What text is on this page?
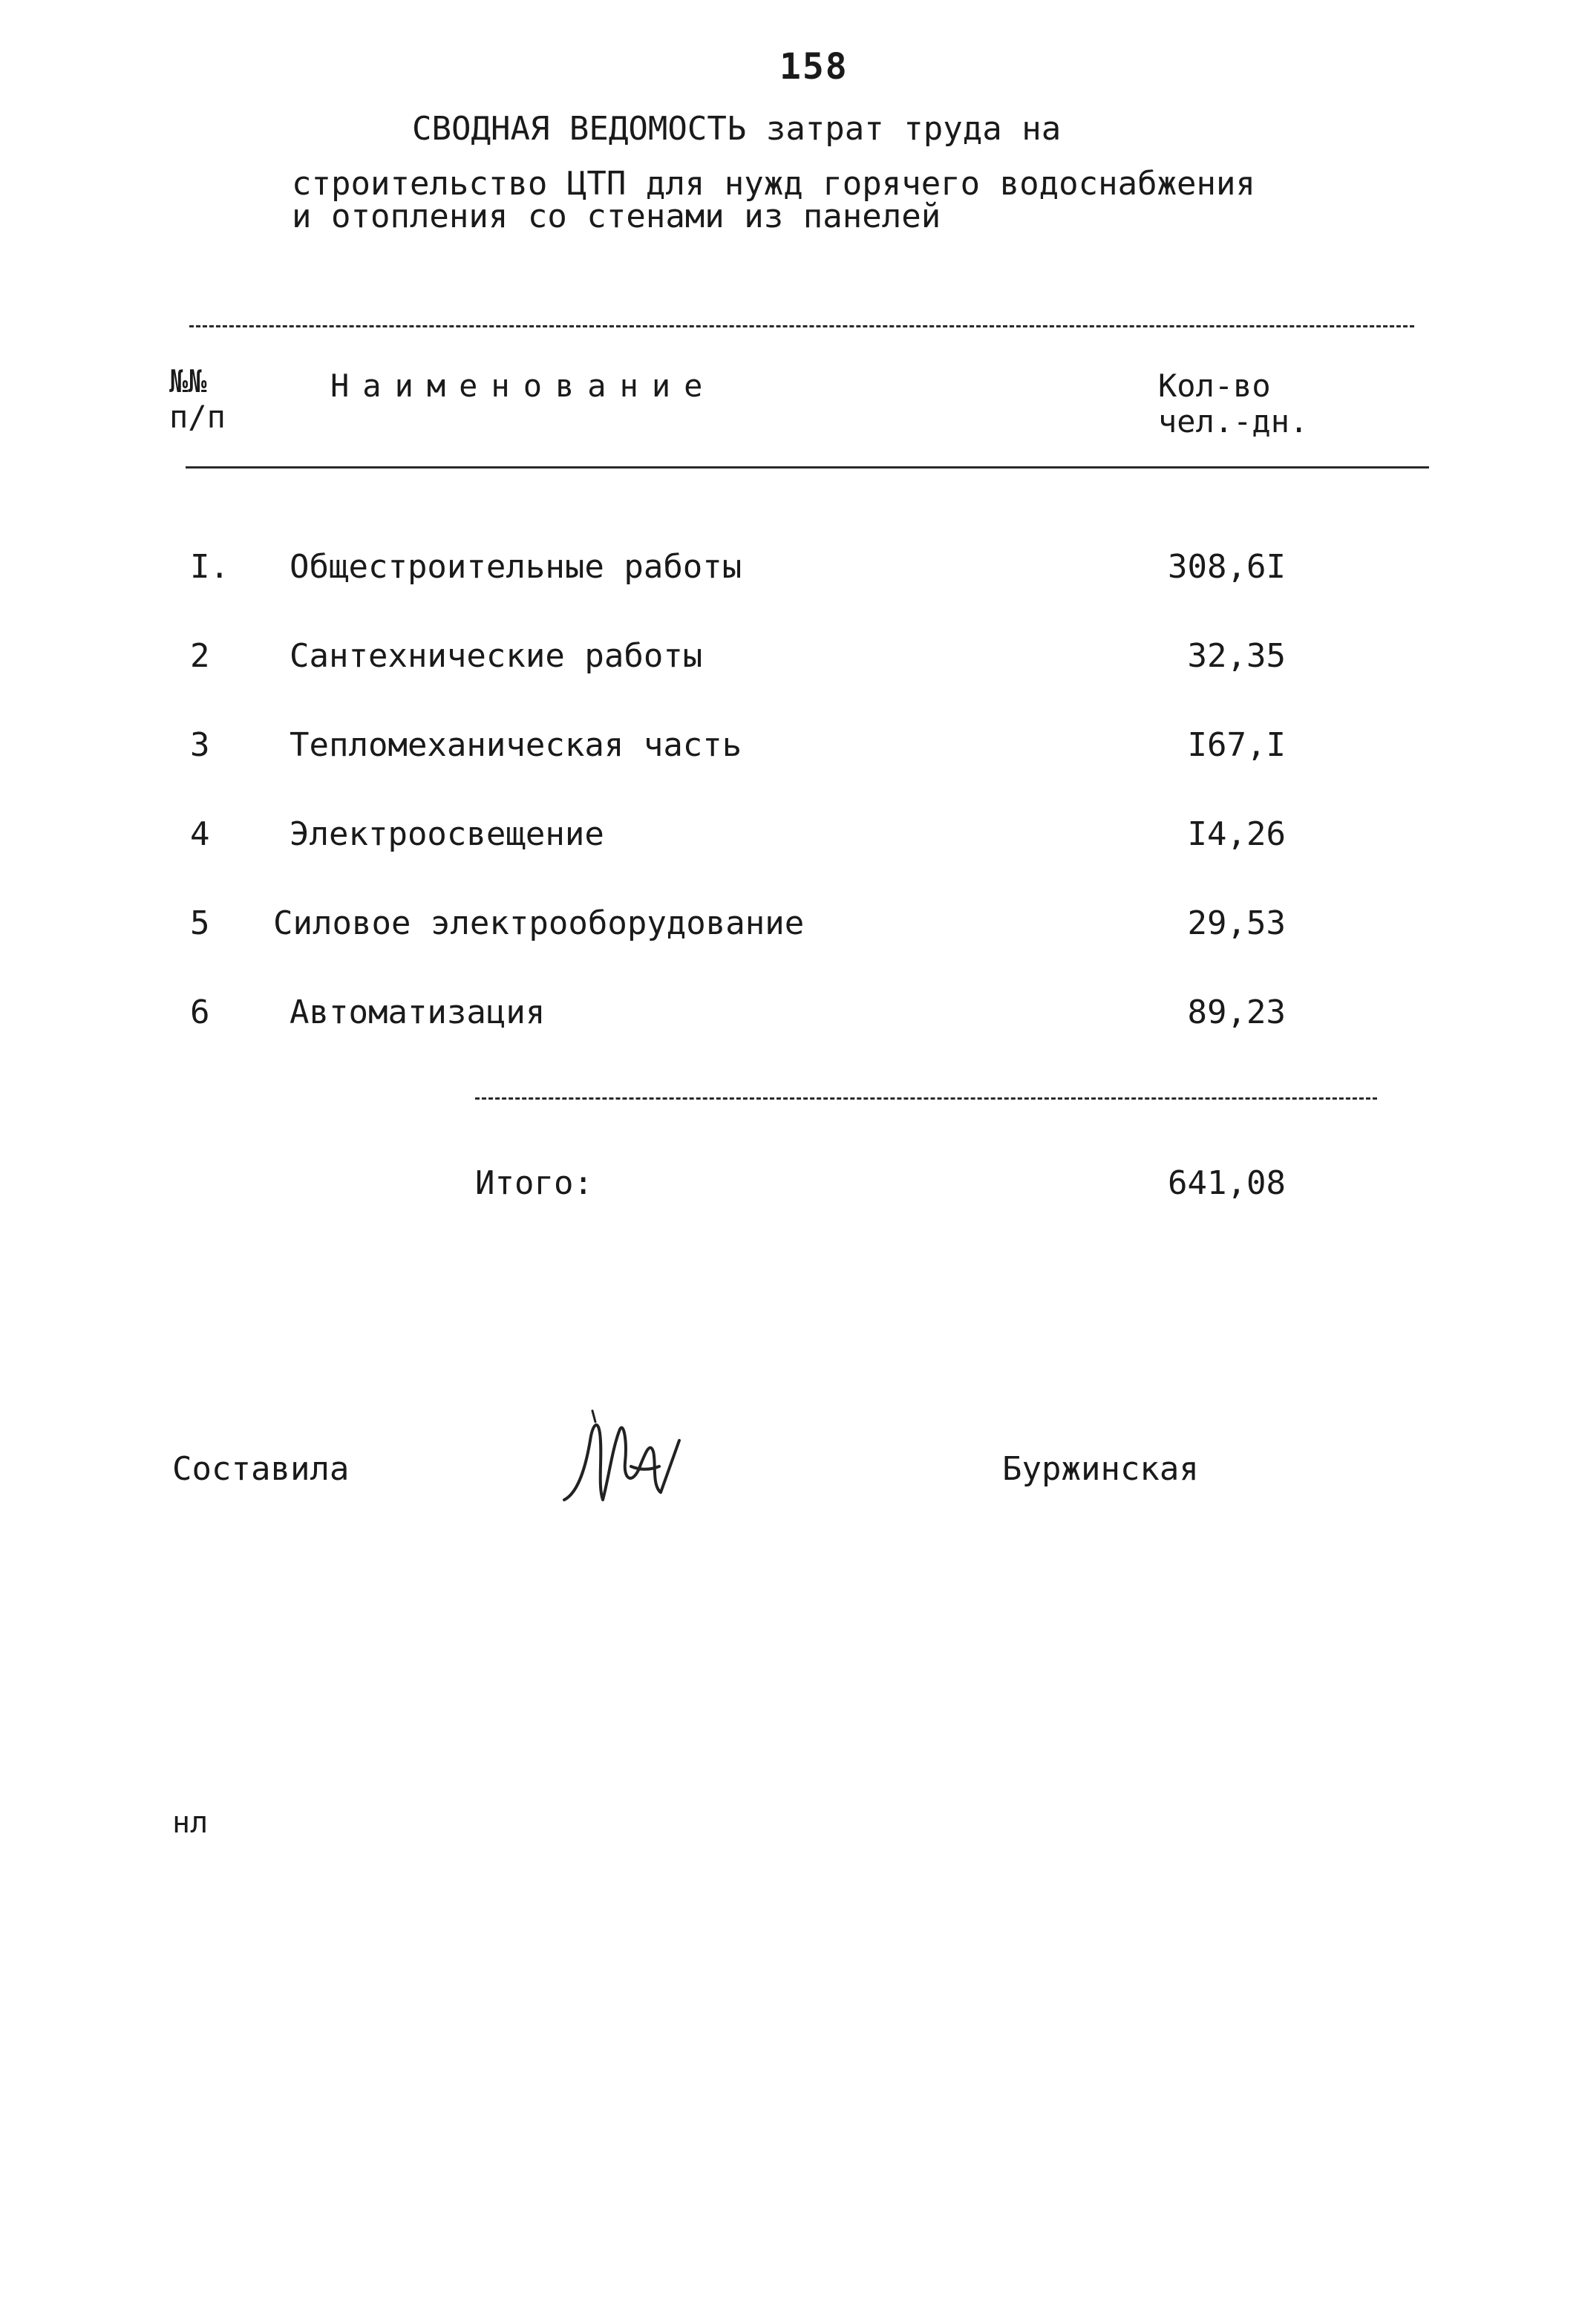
158
СВОДНАЯ ВЕДОМОСТЬ затрат труда на
строительство ЦТП для нужд горячего водоснабжения
и отопления со стенами из панелей
№№
п/п
Наименование	Кол-во
чел.-дн.
I. Общестроительные работы	308,6I
2 Сантехнические работы	32,35
3 Тепломеханическая часть	I67,I
4 Электроосвещение	I4,26
5 Силовое электрооборудование	29,53
6 Автоматизация	89,23
Итого:	641,08
Составила	Буржинская
нл
